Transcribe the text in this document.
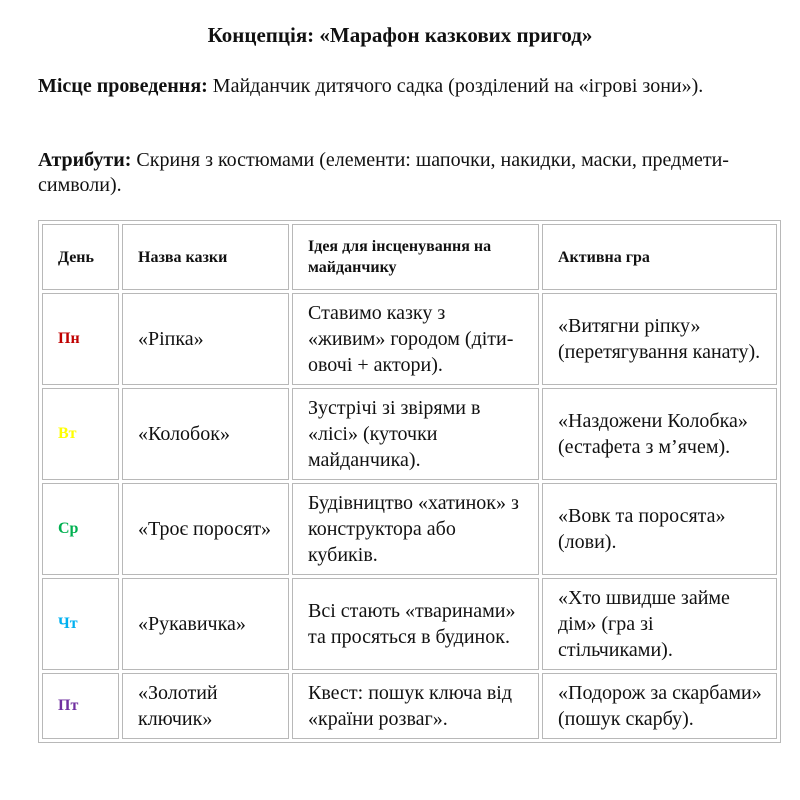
Концепція: «Марафон казкових пригод»
Місце проведення: Майданчик дитячого садка (розділений на «ігрові зони»).
Атрибути: Скриня з костюмами (елементи: шапочки, накидки, маски, предмети-символи).
День	Назва казки	Ідея для інсценування на майданчику	Активна гра
Пн	«Ріпка»	Ставимо казку з «живим» городом (діти-овочі + актори).	«Витягни ріпку» (перетягування канату).
Вт	«Колобок»	Зустрічі зі звірями в «лісі» (куточки майданчика).	«Наздожени Колобка» (естафета з м’ячем).
Ср	«Троє поросят»	Будівництво «хатинок» з конструктора або кубиків.	«Вовк та поросята» (лови).
Чт	«Рукавичка»	Всі стають «тваринами» та просяться в будинок.	«Хто швидше займе дім» (гра зі стільчиками).
Пт	«Золотий ключик»	Квест: пошук ключа від «країни розваг».	«Подорож за скарбами» (пошук скарбу).
